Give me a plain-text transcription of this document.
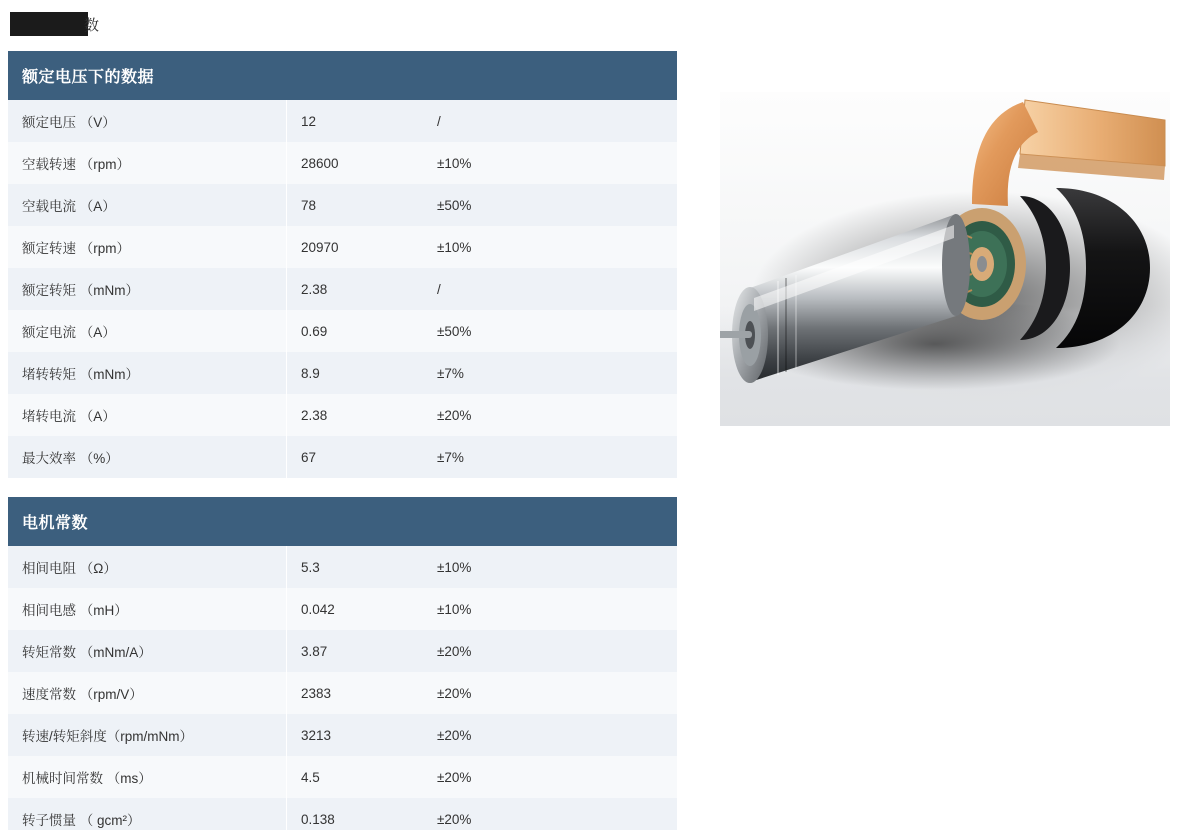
数
额定电压下的数据
额定电压 （V）	12	/
空载转速 （rpm）	28600	±10%
空载电流 （A）	78	±50%
额定转速 （rpm）	20970	±10%
额定转矩 （mNm）	2.38	/
额定电流 （A）	0.69	±50%
堵转转矩 （mNm）	8.9	±7%
堵转电流 （A）	2.38	±20%
最大效率 （%）	67	±7%
电机常数
相间电阻 （Ω）	5.3	±10%
相间电感 （mH）	0.042	±10%
转矩常数 （mNm/A）	3.87	±20%
速度常数 （rpm/V）	2383	±20%
转速/转矩斜度（rpm/mNm）	3213	±20%
机械时间常数 （ms）	4.5	±20%
转子惯量 （ gcm²）	0.138	±20%
